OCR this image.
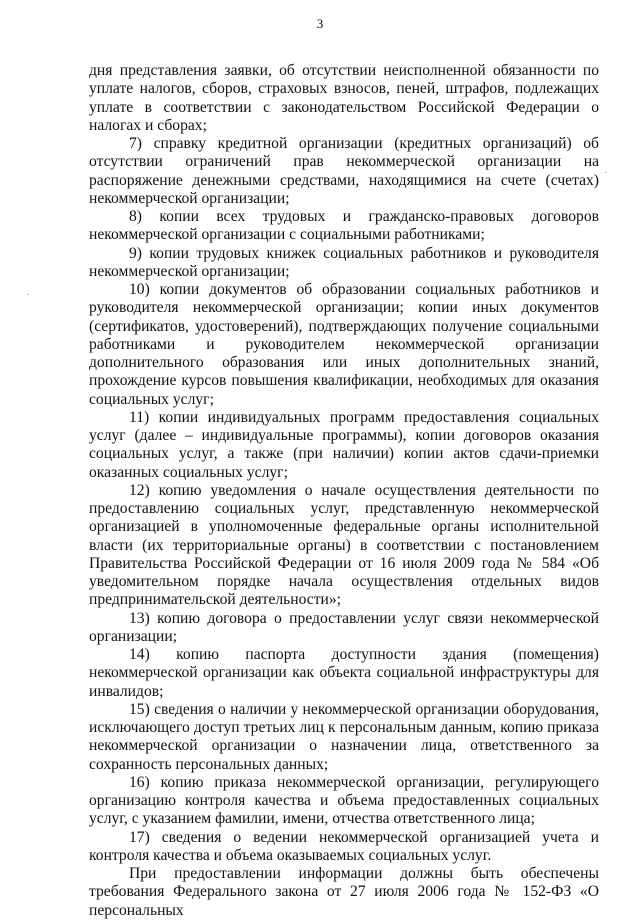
3

дня представления заявки, об отсутствии неисполненной обязанности по уплате налогов, сборов, страховых взносов, пеней, штрафов, подлежащих уплате в соответствии с законодательством Российской Федерации о налогах и сборах;

7) справку кредитной организации (кредитных организаций) об отсутствии ограничений прав некоммерческой организации на распоряжение денежными средствами, находящимися на счете (счетах) некоммерческой организации;

8) копии всех трудовых и гражданско-правовых договоров некоммерческой организации с социальными работниками;

9) копии трудовых книжек социальных работников и руководителя некоммерческой организации;

10) копии документов об образовании социальных работников и руководителя некоммерческой организации; копии иных документов (сертификатов, удостоверений), подтверждающих получение социальными работниками и руководителем некоммерческой организации дополнительного образования или иных дополнительных знаний, прохождение курсов повышения квалификации, необходимых для оказания социальных услуг;

11) копии индивидуальных программ предоставления социальных услуг (далее – индивидуальные программы), копии договоров оказания социальных услуг, а также (при наличии) копии актов сдачи-приемки оказанных социальных услуг;

12) копию уведомления о начале осуществления деятельности по предоставлению социальных услуг, представленную некоммерческой организацией в уполномоченные федеральные органы исполнительной власти (их территориальные органы) в соответствии с постановлением Правительства Российской Федерации от 16 июля 2009 года № 584 «Об уведомительном порядке начала осуществления отдельных видов предпринимательской деятельности»;

13) копию договора о предоставлении услуг связи некоммерческой организации;

14) копию паспорта доступности здания (помещения) некоммерческой организации как объекта социальной инфраструктуры для инвалидов;

15) сведения о наличии у некоммерческой организации оборудования, исключающего доступ третьих лиц к персональным данным, копию приказа некоммерческой организации о назначении лица, ответственного за сохранность персональных данных;

16) копию приказа некоммерческой организации, регулирующего организацию контроля качества и объема предоставленных социальных услуг, с указанием фамилии, имени, отчества ответственного лица;

17) сведения о ведении некоммерческой организацией учета и контроля качества и объема оказываемых социальных услуг.

При предоставлении информации должны быть обеспечены требования Федерального закона от 27 июля 2006 года № 152-ФЗ «О персональных

·
·
